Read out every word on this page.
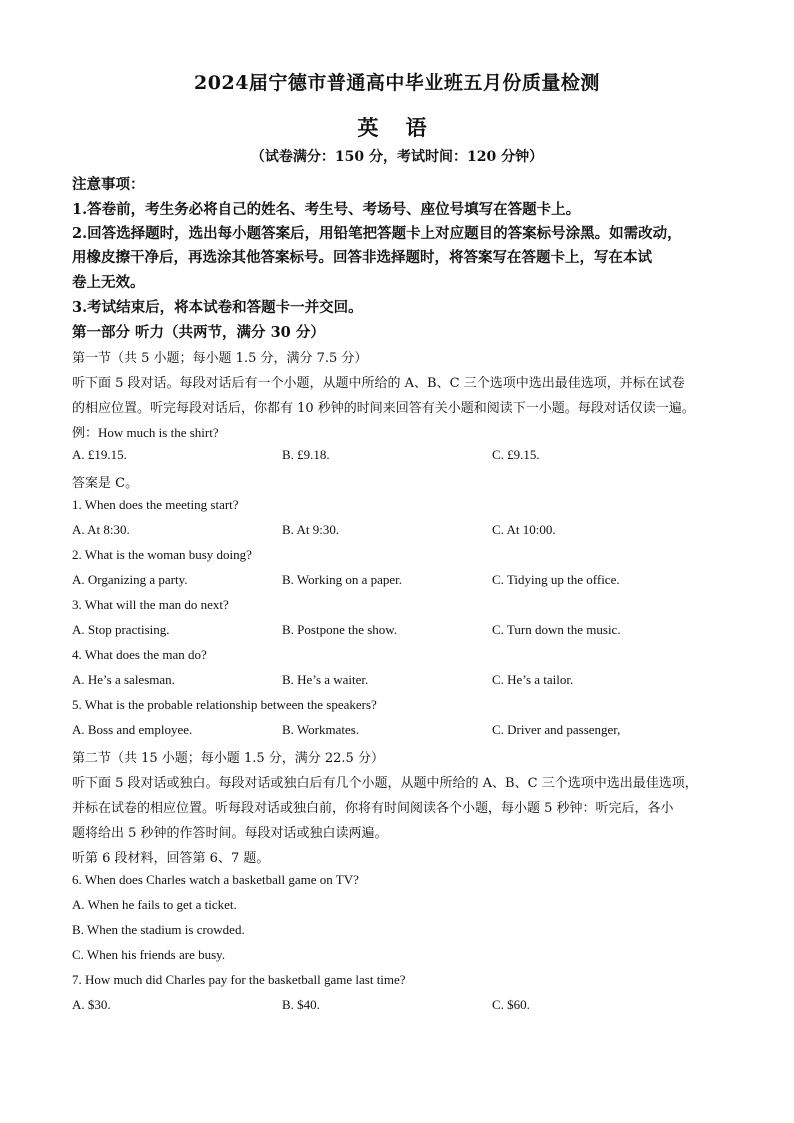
2024届宁德市普通高中毕业班五月份质量检测
英 语
（试卷满分：150 分，考试时间：120 分钟）
注意事项：
1.答卷前，考生务必将自己的姓名、考生号、考场号、座位号填写在答题卡上。
2.回答选择题时，选出每小题答案后，用铅笔把答题卡上对应题目的答案标号涂黑。如需改动，
用橡皮擦干净后，再选涂其他答案标号。回答非选择题时，将答案写在答题卡上，写在本试
卷上无效。
3.考试结束后，将本试卷和答题卡一并交回。
第一部分 听力（共两节，满分 30 分）
第一节（共 5 小题；每小题 1.5 分，满分 7.5 分）
听下面 5 段对话。每段对话后有一个小题，从题中所给的 A、B、C 三个选项中选出最佳选项，并标在试卷
的相应位置。听完每段对话后，你都有 10 秒钟的时间来回答有关小题和阅读下一小题。每段对话仅读一遍。
例：How much is the shirt?
A. £19.15.	B. £9.18.	C. £9.15.
答案是 C。
1. When does the meeting start?
A. At 8:30.	B. At 9:30.	C. At 10:00.
2. What is the woman busy doing?
A. Organizing a party.	B. Working on a paper.	C. Tidying up the office.
3. What will the man do next?
A. Stop practising.	B. Postpone the show.	C. Turn down the music.
4. What does the man do?
A. He’s a salesman.	B. He’s a waiter.	C. He’s a tailor.
5. What is the probable relationship between the speakers?
A. Boss and employee.	B. Workmates.	C. Driver and passenger,
第二节（共 15 小题；每小题 1.5 分，满分 22.5 分）
听下面 5 段对话或独白。每段对话或独白后有几个小题，从题中所给的 A、B、C 三个选项中选出最佳选项，
并标在试卷的相应位置。听每段对话或独白前，你将有时间阅读各个小题，每小题 5 秒钟：听完后，各小
题将给出 5 秒钟的作答时间。每段对话或独白读两遍。
听第 6 段材料，回答第 6、7 题。
6. When does Charles watch a basketball game on TV?
A. When he fails to get a ticket.
B. When the stadium is crowded.
C. When his friends are busy.
7. How much did Charles pay for the basketball game last time?
A. $30.	B. $40.	C. $60.
